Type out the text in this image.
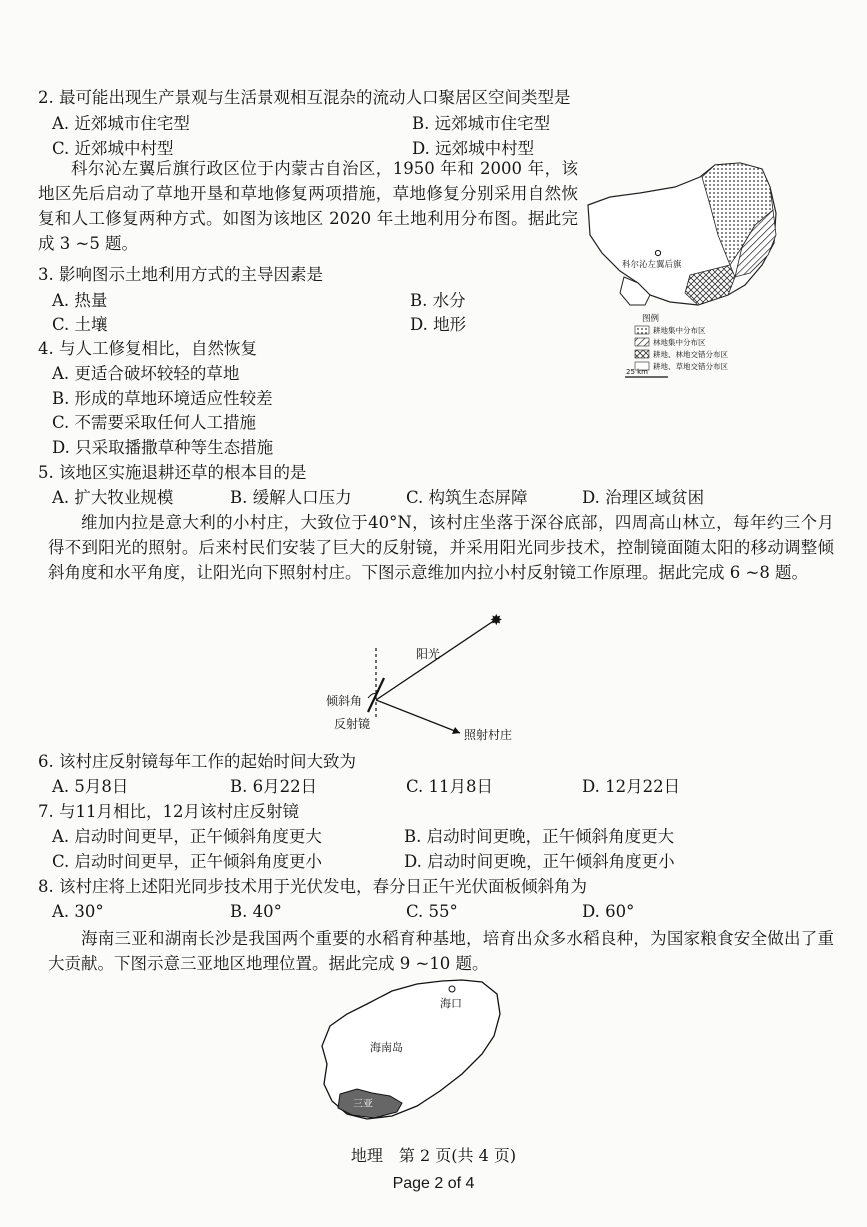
2. 最可能出现生产景观与生活景观相互混杂的流动人口聚居区空间类型是
A. 近郊城市住宅型	B. 远郊城市住宅型
C. 近郊城中村型	D. 远郊城中村型
科尔沁左翼后旗行政区位于内蒙古自治区，1950 年和 2000 年，该地区先后启动了草地开垦和草地修复两项措施，草地修复分别采用自然恢复和人工修复两种方式。如图为该地区 2020 年土地利用分布图。据此完成 3 ~5 题。
科尔沁左翼后旗
图例
耕地集中分布区
林地集中分布区
耕地、林地交错分布区
耕地、草地交错分布区
25 km
3. 影响图示土地利用方式的主导因素是
A. 热量	B. 水分
C. 土壤	D. 地形
4. 与人工修复相比，自然恢复
A. 更适合破坏较轻的草地
B. 形成的草地环境适应性较差
C. 不需要采取任何人工措施
D. 只采取播撒草种等生态措施
5. 该地区实施退耕还草的根本目的是
A. 扩大牧业规模	B. 缓解人口压力	C. 构筑生态屏障	D. 治理区域贫困
维加内拉是意大利的小村庄，大致位于40°N，该村庄坐落于深谷底部，四周高山林立，每年约三个月得不到阳光的照射。后来村民们安装了巨大的反射镜，并采用阳光同步技术，控制镜面随太阳的移动调整倾斜角度和水平角度，让阳光向下照射村庄。下图示意维加内拉小村反射镜工作原理。据此完成 6 ~8 题。
✸
阳光
倾斜角
反射镜
照射村庄
6. 该村庄反射镜每年工作的起始时间大致为
A. 5月8日	B. 6月22日	C. 11月8日	D. 12月22日
7. 与11月相比，12月该村庄反射镜
A. 启动时间更早，正午倾斜角度更大	B. 启动时间更晚，正午倾斜角度更大
C. 启动时间更早，正午倾斜角度更小	D. 启动时间更晚，正午倾斜角度更小
8. 该村庄将上述阳光同步技术用于光伏发电，春分日正午光伏面板倾斜角为
A. 30°	B. 40°	C. 55°	D. 60°
海南三亚和湖南长沙是我国两个重要的水稻育种基地，培育出众多水稻良种，为国家粮食安全做出了重大贡献。下图示意三亚地区地理位置。据此完成 9 ~10 题。
海口
海南岛
三亚
地理　第 2 页(共 4 页)
Page 2 of 4
